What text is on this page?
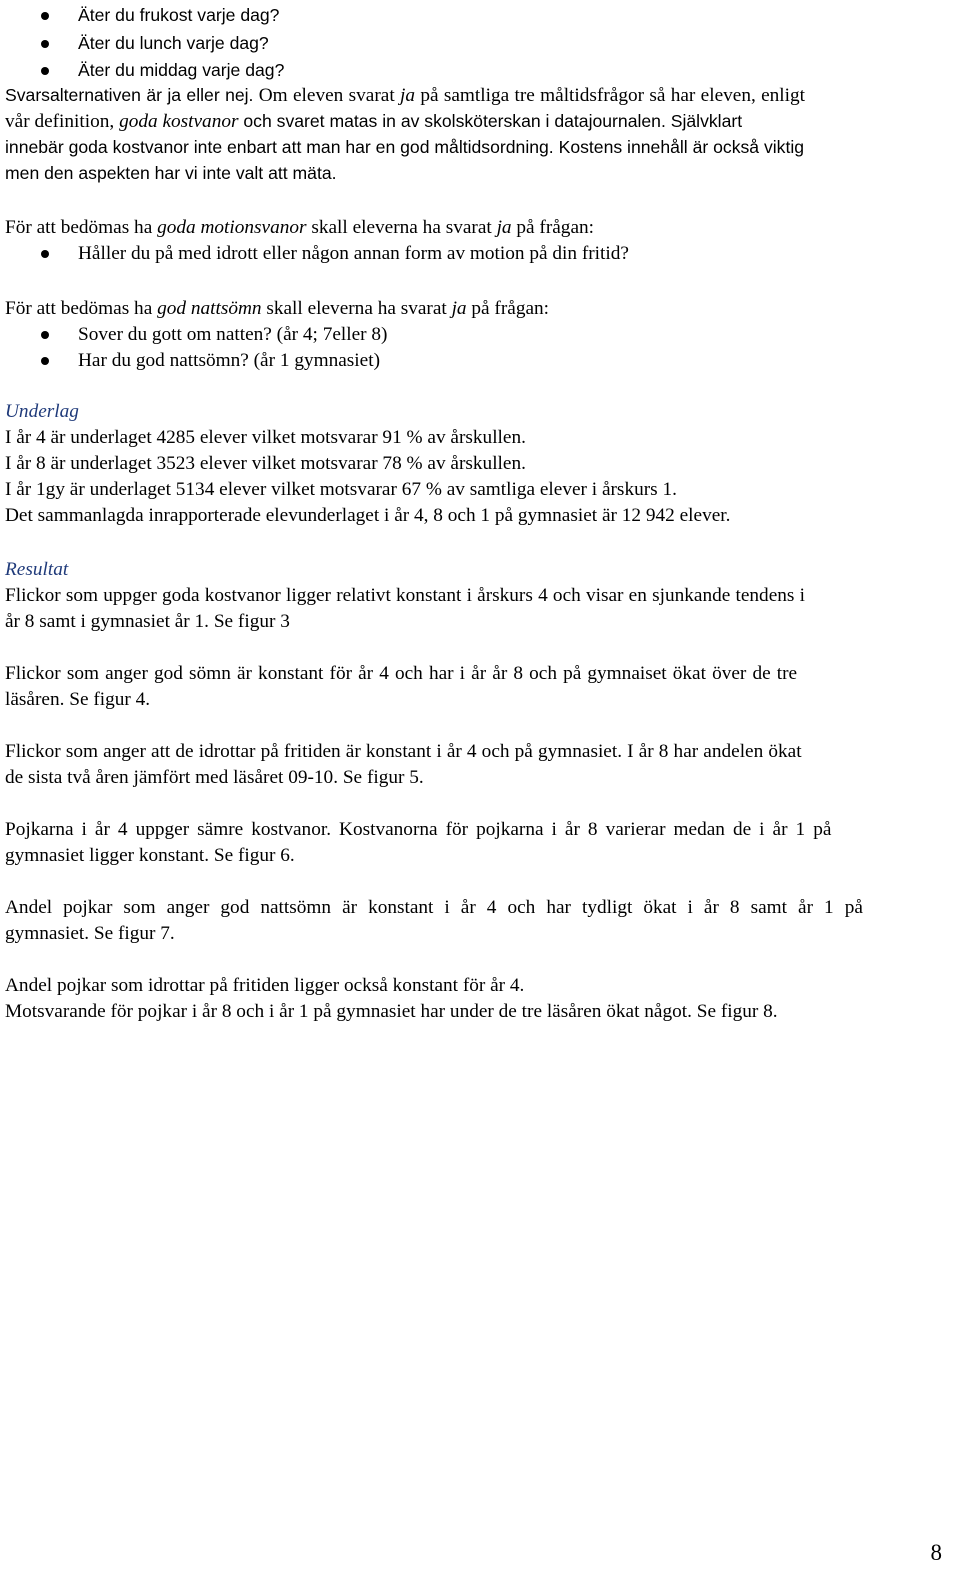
Äter du frukost varje dag?
Äter du lunch varje dag?
Äter du middag varje dag?
Svarsalternativen är ja eller nej. Om eleven svarat ja på samtliga tre måltidsfrågor så har eleven, enligt
vår definition, goda kostvanor och svaret matas in av skolsköterskan i datajournalen. Självklart
innebär goda kostvanor inte enbart att man har en god måltidsordning. Kostens innehåll är också viktig
men den aspekten har vi inte valt att mäta.
För att bedömas ha goda motionsvanor skall eleverna ha svarat ja på frågan:
Håller du på med idrott eller någon annan form av motion på din fritid?
För att bedömas ha god nattsömn skall eleverna ha svarat ja på frågan:
Sover du gott om natten? (år 4; 7eller 8)
Har du god nattsömn? (år 1 gymnasiet)
Underlag
I år 4 är underlaget 4285 elever vilket motsvarar 91 % av årskullen.
I år 8 är underlaget 3523 elever vilket motsvarar 78 % av årskullen.
I år 1gy är underlaget 5134 elever vilket motsvarar 67 % av samtliga elever i årskurs 1.
Det sammanlagda inrapporterade elevunderlaget i år 4, 8 och 1 på gymnasiet är 12 942 elever.
Resultat
Flickor som uppger goda kostvanor ligger relativt konstant i årskurs 4 och visar en sjunkande tendens i
år 8 samt i gymnasiet år 1. Se figur 3
Flickor som anger god sömn är konstant för år 4 och har i år år 8 och på gymnaiset ökat över de tre
läsåren. Se figur 4.
Flickor som anger att de idrottar på fritiden är konstant i år 4 och på gymnasiet. I år 8 har andelen ökat
de sista två åren jämfört med läsåret 09-10. Se figur 5.
Pojkarna i år 4 uppger sämre kostvanor. Kostvanorna för pojkarna i år 8 varierar medan de i år 1 på
gymnasiet ligger konstant. Se figur 6.
Andel pojkar som anger god nattsömn är konstant i år 4 och har tydligt ökat i år 8 samt år 1 på
gymnasiet. Se figur 7.
Andel pojkar som idrottar på fritiden ligger också konstant för år 4.
Motsvarande för pojkar i år 8 och i år 1 på gymnasiet har under de tre läsåren ökat något. Se figur 8.
8
